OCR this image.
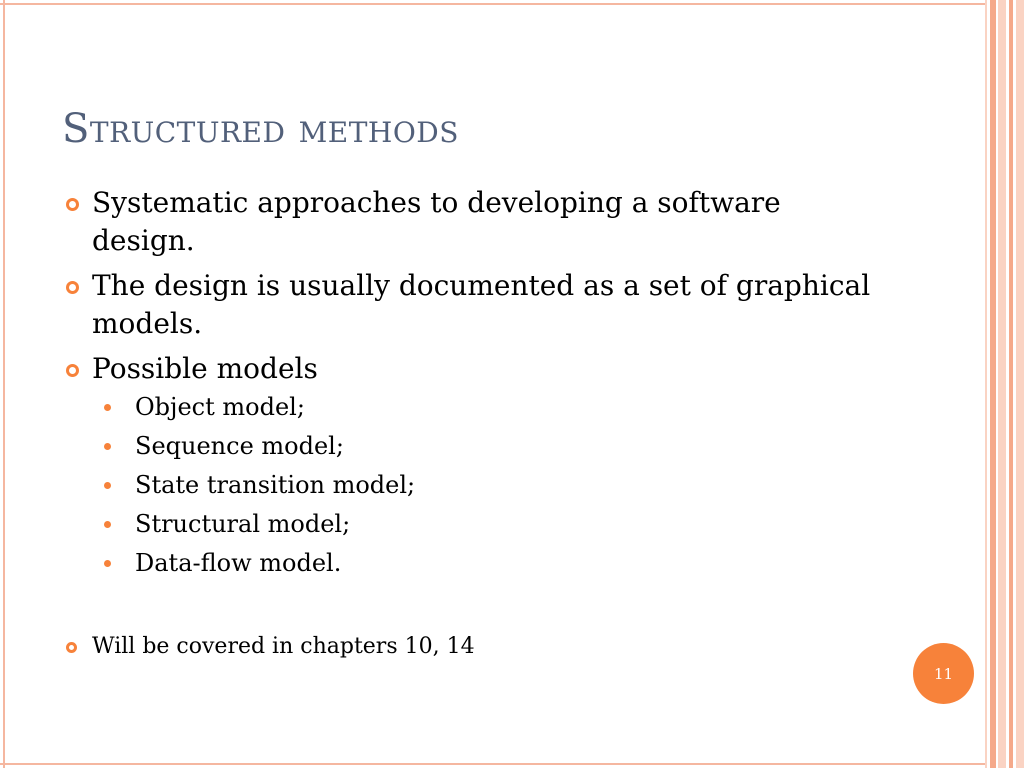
Structured methods
Systematic approaches to developing a software design.
The design is usually documented as a set of graphical models.
Possible models
Object model;
Sequence model;
State transition model;
Structural model;
Data-flow model.
Will be covered in chapters 10, 14
11
